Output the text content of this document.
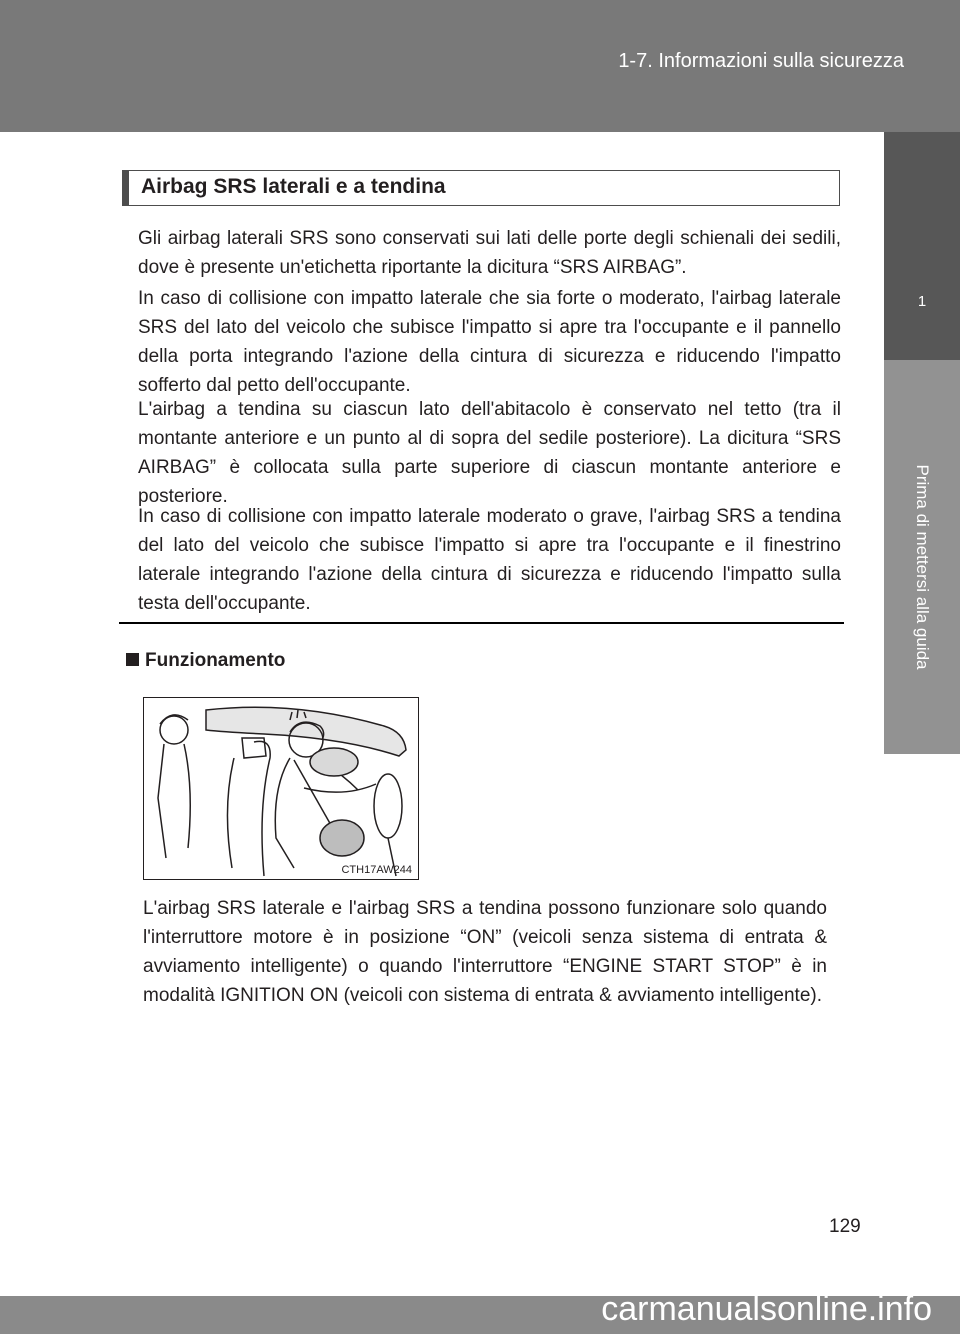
1-7. Informazioni sulla sicurezza
1
Prima di mettersi alla guida
Airbag SRS laterali e a tendina

Gli airbag laterali SRS sono conservati sui lati delle porte degli schienali dei sedili, dove è presente un'etichetta riportante la dicitura “SRS AIRBAG”.

In caso di collisione con impatto laterale che sia forte o moderato, l'airbag laterale SRS del lato del veicolo che subisce l'impatto si apre tra l'occupante e il pannello della porta integrando l'azione della cintura di sicurezza e riducendo l'impatto sofferto dal petto dell'occupante.

L'airbag a tendina su ciascun lato dell'abitacolo è conservato nel tetto (tra il montante anteriore e un punto al di sopra del sedile posteriore). La dicitura “SRS AIRBAG” è collocata sulla parte superiore di ciascun montante anteriore e posteriore.

In caso di collisione con impatto laterale moderato o grave, l'airbag SRS a tendina del lato del veicolo che subisce l'impatto si apre tra l'occupante e il finestrino laterale integrando l'azione della cintura di sicurezza e riducendo l'impatto sulla testa dell'occupante.

Funzionamento
CTH17AW244

L'airbag SRS laterale e l'airbag SRS a tendina possono funzionare solo quando l'interruttore motore è in posizione “ON” (veicoli senza sistema di entrata & avviamento intelligente) o quando l'interruttore “ENGINE START STOP” è in modalità IGNITION ON (veicoli con sistema di entrata & avviamento intelligente).

129
carmanualsonline.info
